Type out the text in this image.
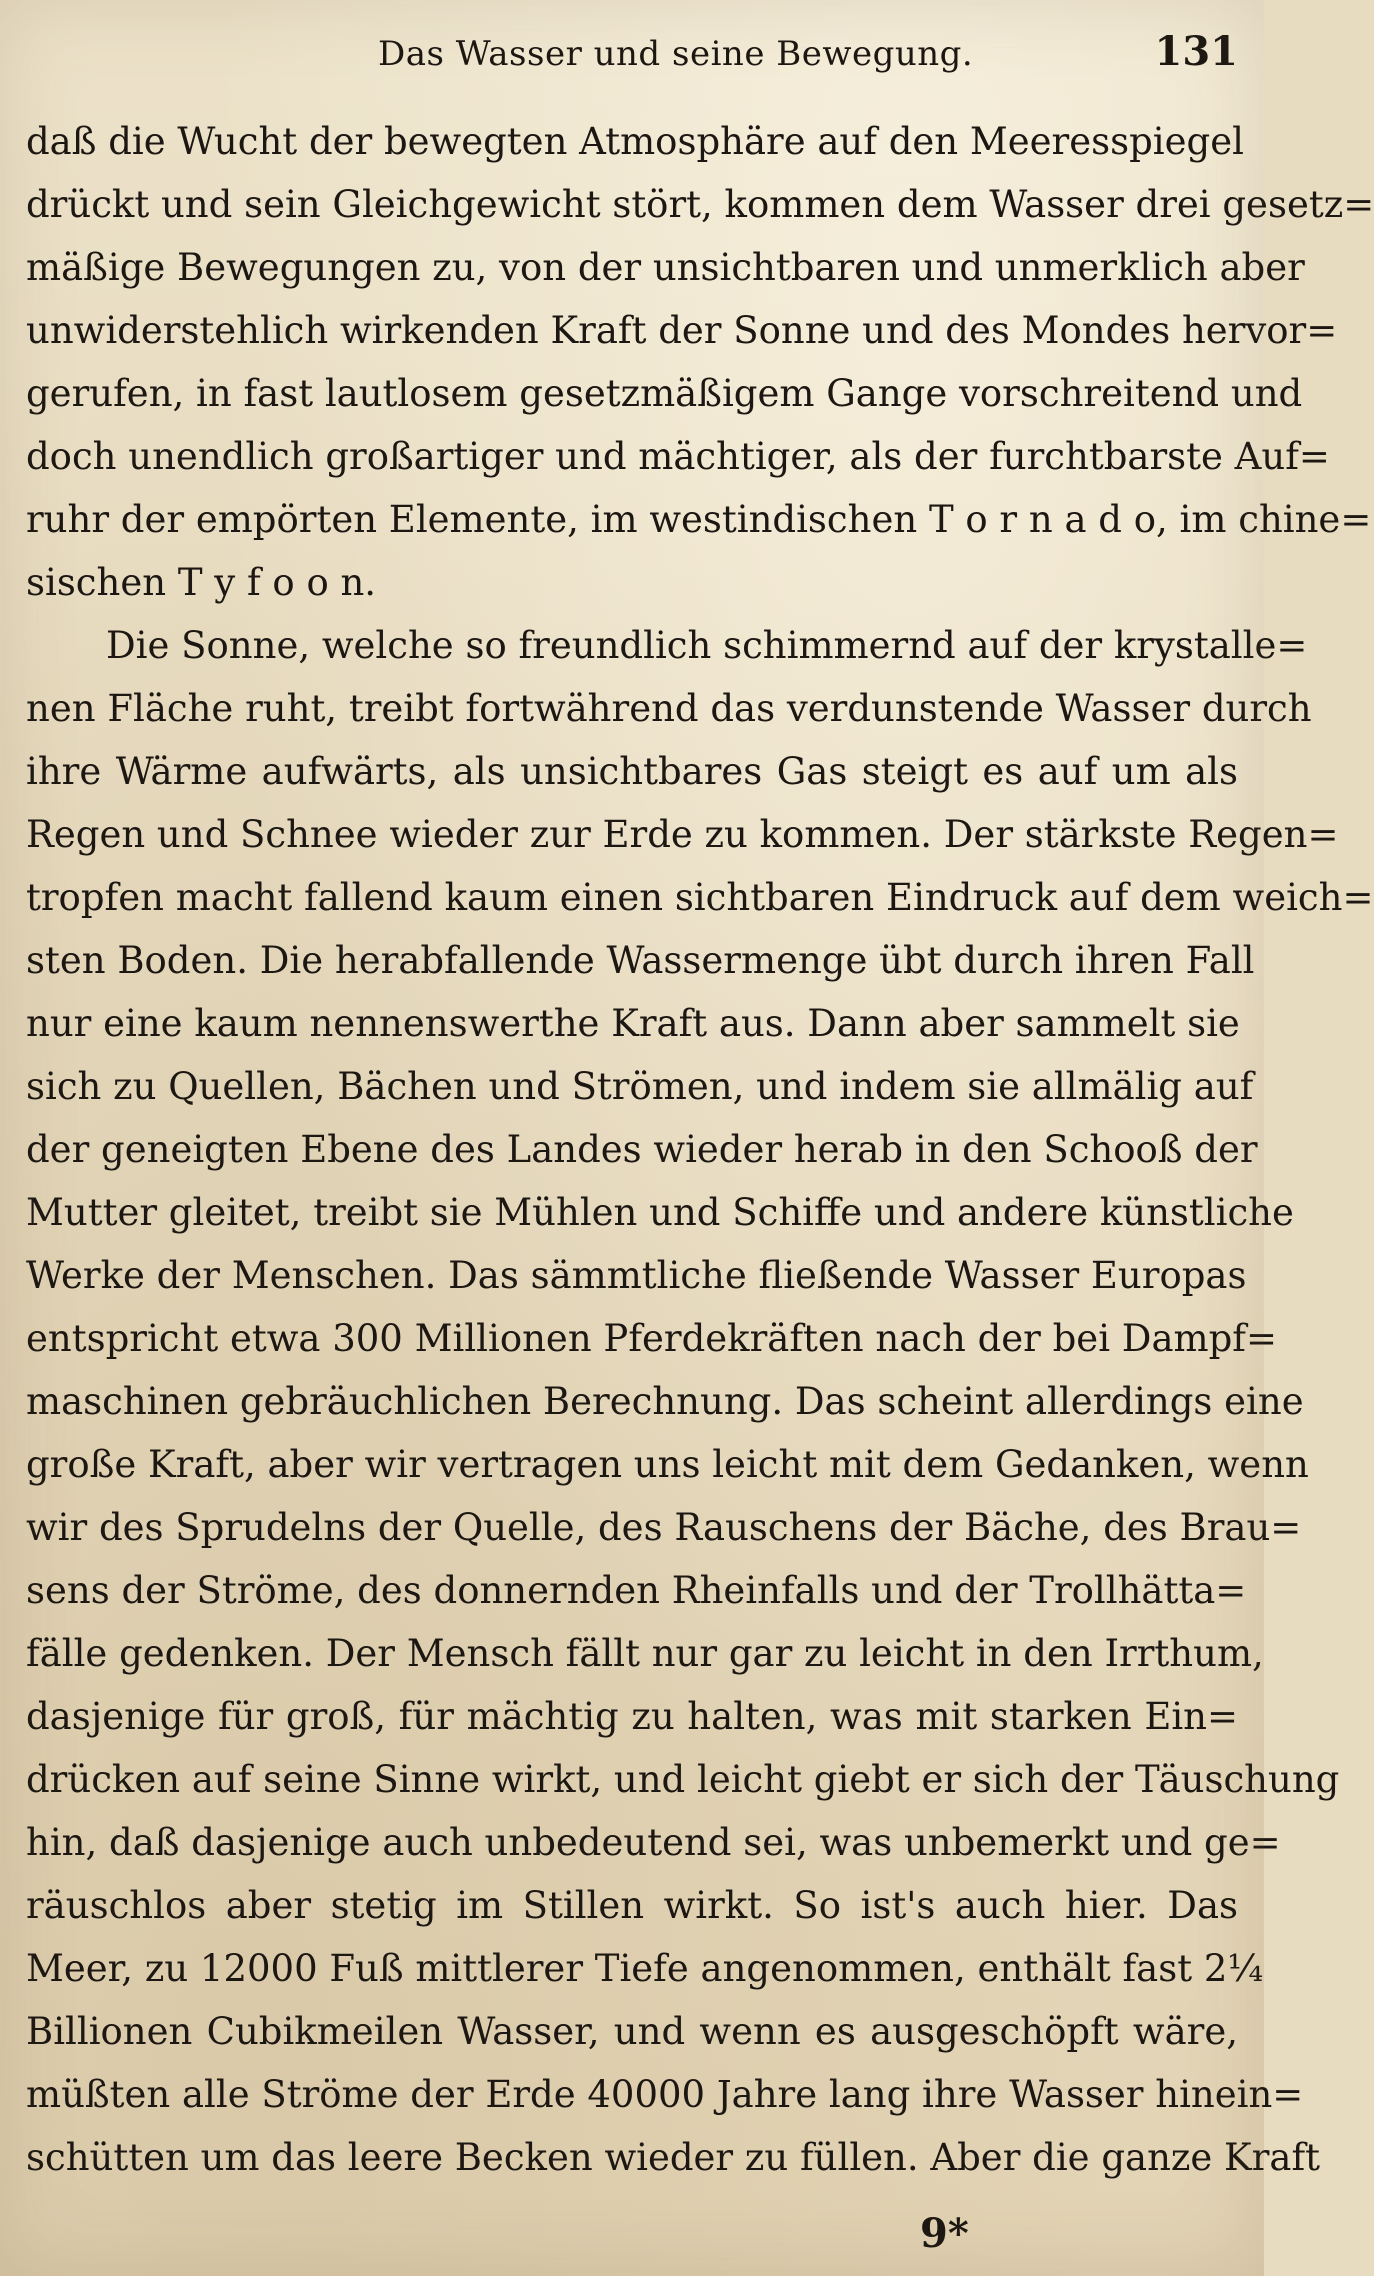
Das Wasser und seine Bewegung.	131
daß die Wucht der bewegten Atmosphäre auf den Meeresspiegel
drückt und sein Gleichgewicht stört, kommen dem Wasser drei gesetz=
mäßige Bewegungen zu, von der unsichtbaren und unmerklich aber
unwiderstehlich wirkenden Kraft der Sonne und des Mondes hervor=
gerufen, in fast lautlosem gesetzmäßigem Gange vorschreitend und
doch unendlich großartiger und mächtiger, als der furchtbarste Auf=
ruhr der empörten Elemente, im westindischen T o r n a d o, im chine=
sischen T y f o o n.
Die Sonne, welche so freundlich schimmernd auf der krystalle=
nen Fläche ruht, treibt fortwährend das verdunstende Wasser durch
ihre Wärme aufwärts, als unsichtbares Gas steigt es auf um als
Regen und Schnee wieder zur Erde zu kommen. Der stärkste Regen=
tropfen macht fallend kaum einen sichtbaren Eindruck auf dem weich=
sten Boden. Die herabfallende Wassermenge übt durch ihren Fall
nur eine kaum nennenswerthe Kraft aus. Dann aber sammelt sie
sich zu Quellen, Bächen und Strömen, und indem sie allmälig auf
der geneigten Ebene des Landes wieder herab in den Schooß der
Mutter gleitet, treibt sie Mühlen und Schiffe und andere künstliche
Werke der Menschen. Das sämmtliche fließende Wasser Europas
entspricht etwa 300 Millionen Pferdekräften nach der bei Dampf=
maschinen gebräuchlichen Berechnung. Das scheint allerdings eine
große Kraft, aber wir vertragen uns leicht mit dem Gedanken, wenn
wir des Sprudelns der Quelle, des Rauschens der Bäche, des Brau=
sens der Ströme, des donnernden Rheinfalls und der Trollhätta=
fälle gedenken. Der Mensch fällt nur gar zu leicht in den Irrthum,
dasjenige für groß, für mächtig zu halten, was mit starken Ein=
drücken auf seine Sinne wirkt, und leicht giebt er sich der Täuschung
hin, daß dasjenige auch unbedeutend sei, was unbemerkt und ge=
räuschlos aber stetig im Stillen wirkt. So ist's auch hier. Das
Meer, zu 12000 Fuß mittlerer Tiefe angenommen, enthält fast 2¼
Billionen Cubikmeilen Wasser, und wenn es ausgeschöpft wäre,
müßten alle Ströme der Erde 40000 Jahre lang ihre Wasser hinein=
schütten um das leere Becken wieder zu füllen. Aber die ganze Kraft
9*
